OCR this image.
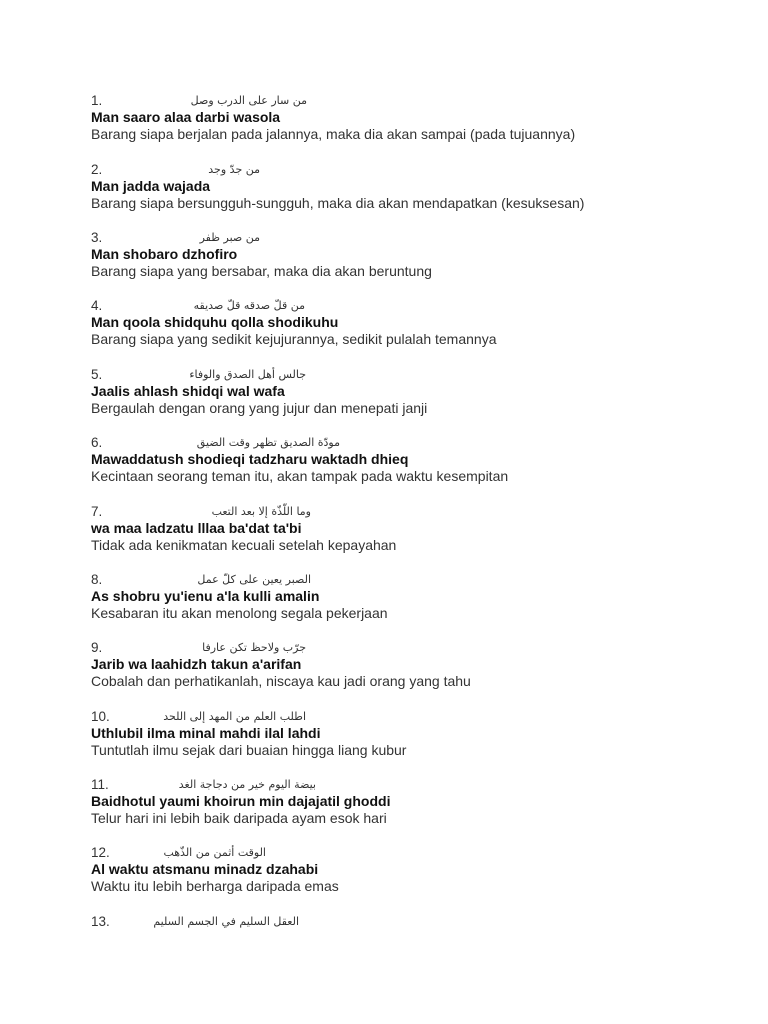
1.	من سار على الدرب وصل
Man saaro alaa darbi wasola
Barang siapa berjalan pada jalannya, maka dia akan sampai (pada tujuannya)
2.	من جدّ وجد
Man jadda wajada
Barang siapa bersungguh-sungguh, maka dia akan mendapatkan (kesuksesan)
3.	من صبر ظفر
Man shobaro dzhofiro
Barang siapa yang bersabar, maka dia akan beruntung
4.	من قلّ صدقه قلّ صديقه
Man qoola shidquhu qolla shodikuhu
Barang siapa yang sedikit kejujurannya, sedikit pulalah temannya
5.	جالس أهل الصدق والوفاء
Jaalis ahlash shidqi wal wafa
Bergaulah dengan orang yang jujur dan menepati janji
6.	مودّة الصديق تظهر وقت الضيق
Mawaddatush shodieqi tadzharu waktadh dhieq
Kecintaan seorang teman itu, akan tampak pada waktu kesempitan
7.	وما اللّذّة إلا بعد التعب
wa maa ladzatu lllaa ba'dat ta'bi
Tidak ada kenikmatan kecuali setelah kepayahan
8.	الصبر يعين على كلّ عمل
As shobru yu'ienu a'la kulli amalin
Kesabaran itu akan menolong segala pekerjaan
9.	جرّب ولاحظ تكن عارفا
Jarib wa laahidzh takun a'arifan
Cobalah dan perhatikanlah, niscaya kau jadi orang yang tahu
10.	اطلب العلم من المهد إلى اللحد
Uthlubil ilma minal mahdi ilal lahdi
Tuntutlah ilmu sejak dari buaian hingga liang kubur
11.	بيضة اليوم خير من دجاجة الغد
Baidhotul yaumi khoirun min dajajatil ghoddi
Telur hari ini lebih baik daripada ayam esok hari
12.	الوقت أثمن من الذّهب
Al waktu atsmanu minadz dzahabi
Waktu itu lebih berharga daripada emas
13.	العقل السليم في الجسم السليم
